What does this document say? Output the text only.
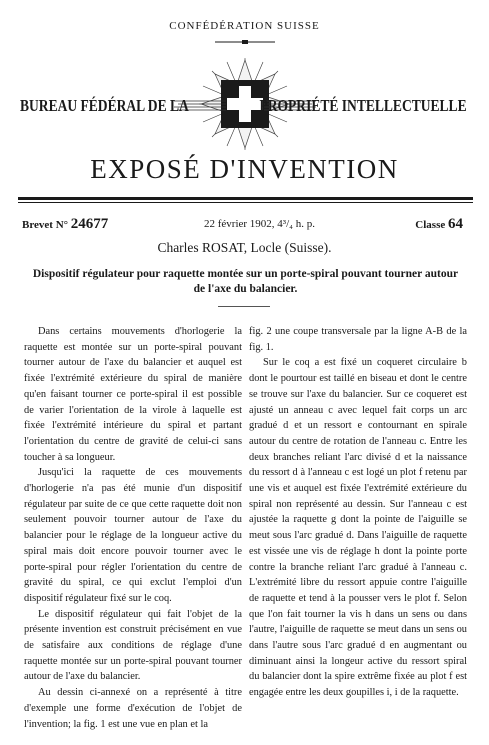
CONFÉDÉRATION SUISSE
BUREAU FÉDÉRAL DE LA	PROPRIÉTÉ INTELLECTUELLE
EXPOSÉ D'INVENTION
Brevet N° 24677	22 février 1902, 4³/₄ h. p.	Classe 64
Charles ROSAT, Locle (Suisse).
Dispositif régulateur pour raquette montée sur un porte-spiral pouvant tourner autour de l'axe du balancier.

Dans certains mouvements d'horlogerie la raquette est montée sur un porte-spiral pouvant tourner autour de l'axe du balancier et auquel est fixée l'extrémité extérieure du spiral de manière qu'en faisant tourner ce porte-spiral il est possible de varier l'orientation de la virole à laquelle est fixée l'extrémité intérieure du spiral et partant l'orientation du centre de gravité de celui-ci sans toucher à sa longueur.

Jusqu'ici la raquette de ces mouvements d'horlogerie n'a pas été munie d'un dispositif régulateur par suite de ce que cette raquette doit non seulement pouvoir tourner autour de l'axe du balancier pour le réglage de la longueur active du spiral mais doit encore pouvoir tourner avec le porte-spiral pour régler l'orientation du centre de gravité du spiral, ce qui exclut l'emploi d'un dispositif régulateur fixé sur le coq.

Le dispositif régulateur qui fait l'objet de la présente invention est construit précisément en vue de satisfaire aux conditions de réglage d'une raquette montée sur un porte-spiral pouvant tourner autour de l'axe du balancier.

Au dessin ci-annexé on a représenté à titre d'exemple une forme d'exécution de l'objet de l'invention; la fig. 1 est une vue en plan et la

fig. 2 une coupe transversale par la ligne A-B de la fig. 1.

Sur le coq a est fixé un coqueret circulaire b dont le pourtour est taillé en biseau et dont le centre se trouve sur l'axe du balancier. Sur ce coqueret est ajusté un anneau c avec lequel fait corps un arc gradué d et un ressort e contournant en spirale autour du centre de rotation de l'anneau c. Entre les deux branches reliant l'arc divisé d et la naissance du ressort d à l'anneau c est logé un plot f retenu par une vis et auquel est fixée l'extrémité extérieure du spiral non représenté au dessin. Sur l'anneau c est ajustée la raquette g dont la pointe de l'aiguille se meut sous l'arc gradué d. Dans l'aiguille de raquette est vissée une vis de réglage h dont la pointe porte contre la branche reliant l'arc gradué à l'anneau c. L'extrémité libre du ressort appuie contre l'aiguille de raquette et tend à la pousser vers le plot f. Selon que l'on fait tourner la vis h dans un sens ou dans l'autre, l'aiguille de raquette se meut dans un sens ou dans l'autre sous l'arc gradué d en augmentant ou diminuant ainsi la longeur active du ressort spiral du balancier dont la spire extrême fixée au plot f est engagée entre les deux goupilles i, i de la raquette.
